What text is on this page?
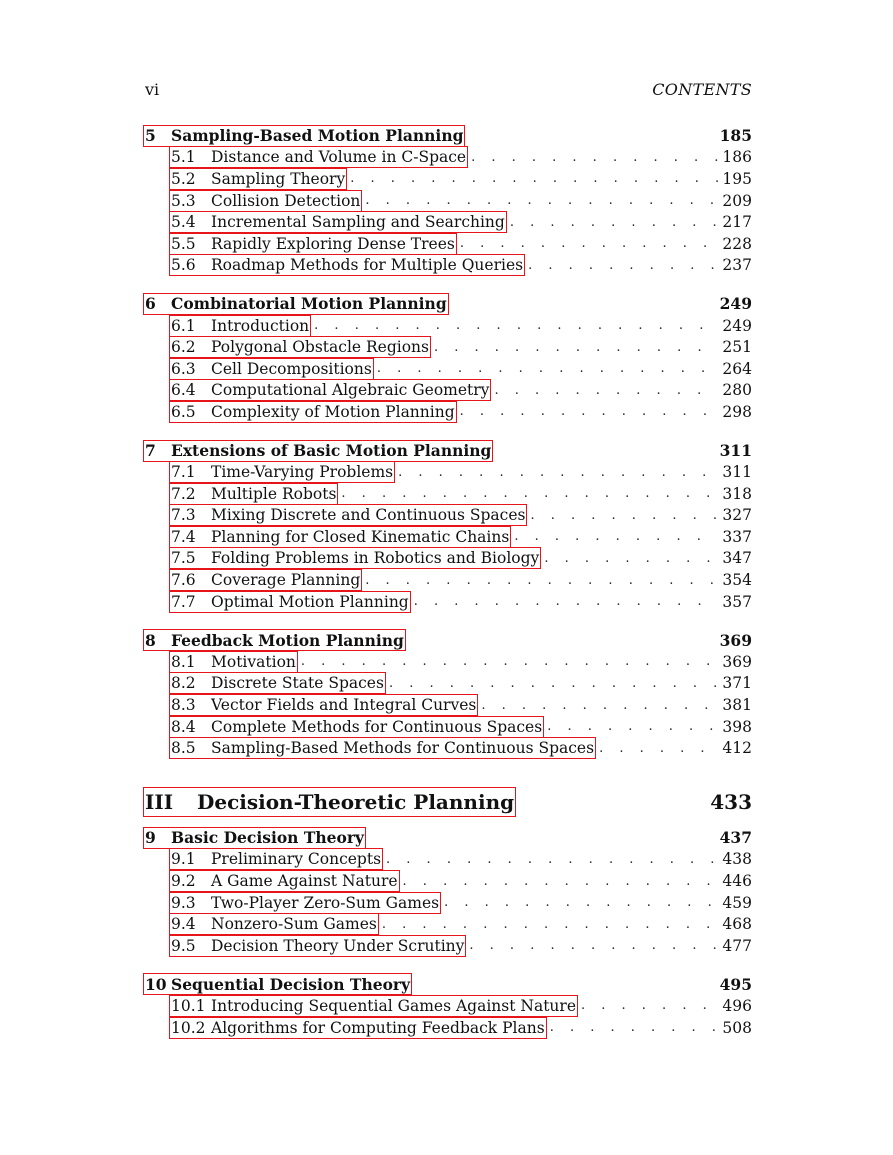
vi	CONTENTS
5 Sampling-Based Motion Planning	185
5.1 Distance and Volume in C-Space . . .	186
5.2 Sampling Theory . . .	195
5.3 Collision Detection . . .	209
5.4 Incremental Sampling and Searching . . .	217
5.5 Rapidly Exploring Dense Trees . . .	228
5.6 Roadmap Methods for Multiple Queries . . .	237
6 Combinatorial Motion Planning	249
6.1 Introduction . . .	249
6.2 Polygonal Obstacle Regions . . .	251
6.3 Cell Decompositions . . .	264
6.4 Computational Algebraic Geometry . . .	280
6.5 Complexity of Motion Planning . . .	298
7 Extensions of Basic Motion Planning	311
7.1 Time-Varying Problems . . .	311
7.2 Multiple Robots . . .	318
7.3 Mixing Discrete and Continuous Spaces . . .	327
7.4 Planning for Closed Kinematic Chains . . .	337
7.5 Folding Problems in Robotics and Biology . . .	347
7.6 Coverage Planning . . .	354
7.7 Optimal Motion Planning . . .	357
8 Feedback Motion Planning	369
8.1 Motivation . . .	369
8.2 Discrete State Spaces . . .	371
8.3 Vector Fields and Integral Curves . . .	381
8.4 Complete Methods for Continuous Spaces . . .	398
8.5 Sampling-Based Methods for Continuous Spaces . . .	412
III	Decision-Theoretic Planning	433
9 Basic Decision Theory	437
9.1 Preliminary Concepts . . .	438
9.2 A Game Against Nature . . .	446
9.3 Two-Player Zero-Sum Games . . .	459
9.4 Nonzero-Sum Games . . .	468
9.5 Decision Theory Under Scrutiny . . .	477
10 Sequential Decision Theory	495
10.1 Introducing Sequential Games Against Nature . . .	496
10.2 Algorithms for Computing Feedback Plans . . .	508
